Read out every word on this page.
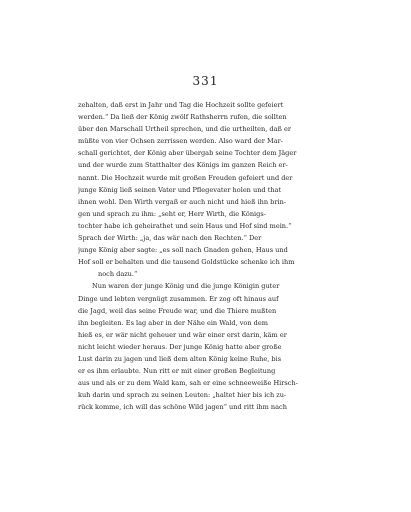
331
zehalten, daß erst in Jahr und Tag die Hochzeit sollte gefeiert
werden.“ Da ließ der König zwölf Rathsherrn rufen, die sollten
über den Marschall Urtheil sprechen, und die urtheilten, daß er
müßte von vier Ochsen zerrissen werden. Also ward der Mar-
schall gerichtet, der König aber übergab seine Tochter dem Jäger
und der wurde zum Statthalter des Königs im ganzen Reich er-
nannt. Die Hochzeit wurde mit großen Freuden gefeiert und der
junge König ließ seinen Vater und Pflegevater holen und that
ihnen wohl. Den Wirth vergaß er auch nicht und hieß ihn brin-
gen und sprach zu ihm: „seht er, Herr Wirth, die Königs-
tochter habe ich geheirathet und sein Haus und Hof sind mein.“
Sprach der Wirth: „ja, das wär nach den Rechten.“ Der
junge König aber sagte: „es soll nach Gnaden gehen, Haus und
Hof soll er behalten und die tausend Goldstücke schenke ich ihm
noch dazu.“
Nun waren der junge König und die junge Königin guter
Dinge und lebten vergnügt zusammen. Er zog oft hinaus auf
die Jagd, weil das seine Freude war, und die Thiere mußten
ihn begleiten. Es lag aber in der Nähe ein Wald, von dem
hieß es, er wär nicht geheuer und wär einer erst darin, käm er
nicht leicht wieder heraus. Der junge König hatte aber große
Lust darin zu jagen und ließ dem alten König keine Ruhe, bis
er es ihm erlaubte. Nun ritt er mit einer großen Begleitung
aus und als er zu dem Wald kam, sah er eine schneeweiße Hirsch-
kuh darin und sprach zu seinen Leuten: „haltet hier bis ich zu-
rück komme, ich will das schöne Wild jagen“ und ritt ihm nach
